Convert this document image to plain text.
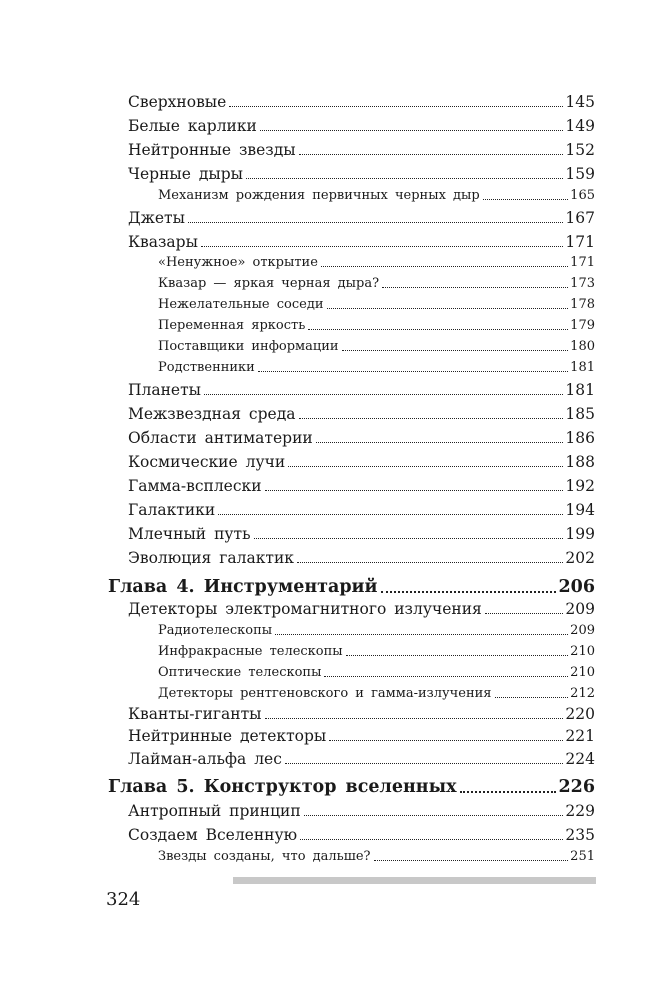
Сверхновые	145
Белые карлики	149
Нейтронные звезды	152
Черные дыры	159
Механизм рождения первичных черных дыр	165
Джеты	167
Квазары	171
«Ненужное» открытие	171
Квазар — яркая черная дыра?	173
Нежелательные соседи	178
Переменная яркость	179
Поставщики информации	180
Родственники	181
Планеты	181
Межзвездная среда	185
Области антиматерии	186
Космические лучи	188
Гамма-всплески	192
Галактики	194
Млечный путь	199
Эволюция галактик	202
Глава 4. Инструментарий	206
Детекторы электромагнитного излучения	209
Радиотелескопы	209
Инфракрасные телескопы	210
Оптические телескопы	210
Детекторы рентгеновского и гамма-излучения	212
Кванты-гиганты	220
Нейтринные детекторы	221
Лайман-альфа лес	224
Глава 5. Конструктор вселенных	226
Антропный принцип	229
Создаем Вселенную	235
Звезды созданы, что дальше?	251
324
